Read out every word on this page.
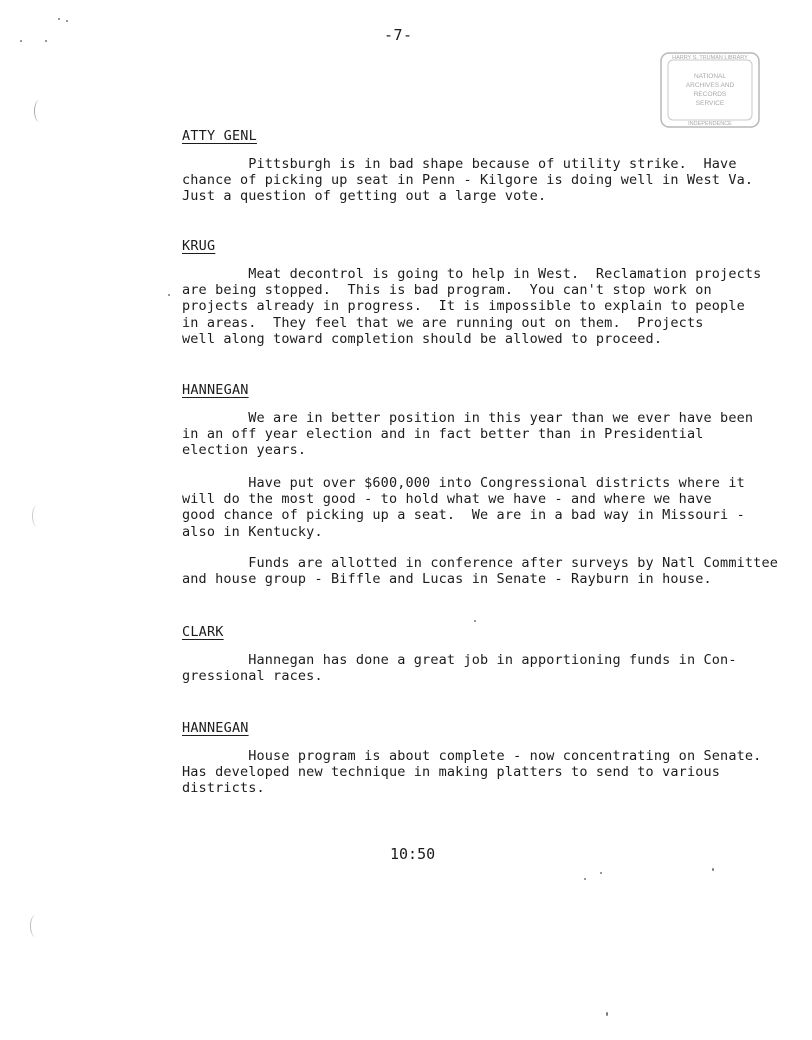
-7-
HARRY S. TRUMAN LIBRARY
NATIONAL
ARCHIVES AND
RECORDS
SERVICE
INDEPENDENCE
ATTY GENL
Pittsburgh is in bad shape because of utility strike.  Have
chance of picking up seat in Penn - Kilgore is doing well in West Va.
Just a question of getting out a large vote.
KRUG
Meat decontrol is going to help in West.  Reclamation projects
are being stopped.  This is bad program.  You can't stop work on
projects already in progress.  It is impossible to explain to people
in areas.  They feel that we are running out on them.  Projects
well along toward completion should be allowed to proceed.
HANNEGAN
We are in better position in this year than we ever have been
in an off year election and in fact better than in Presidential
election years.
Have put over $600,000 into Congressional districts where it
will do the most good - to hold what we have - and where we have
good chance of picking up a seat.  We are in a bad way in Missouri -
also in Kentucky.
Funds are allotted in conference after surveys by Natl Committee
and house group - Biffle and Lucas in Senate - Rayburn in house.
CLARK
Hannegan has done a great job in apportioning funds in Con-
gressional races.
HANNEGAN
House program is about complete - now concentrating on Senate.
Has developed new technique in making platters to send to various
districts.
10:50
